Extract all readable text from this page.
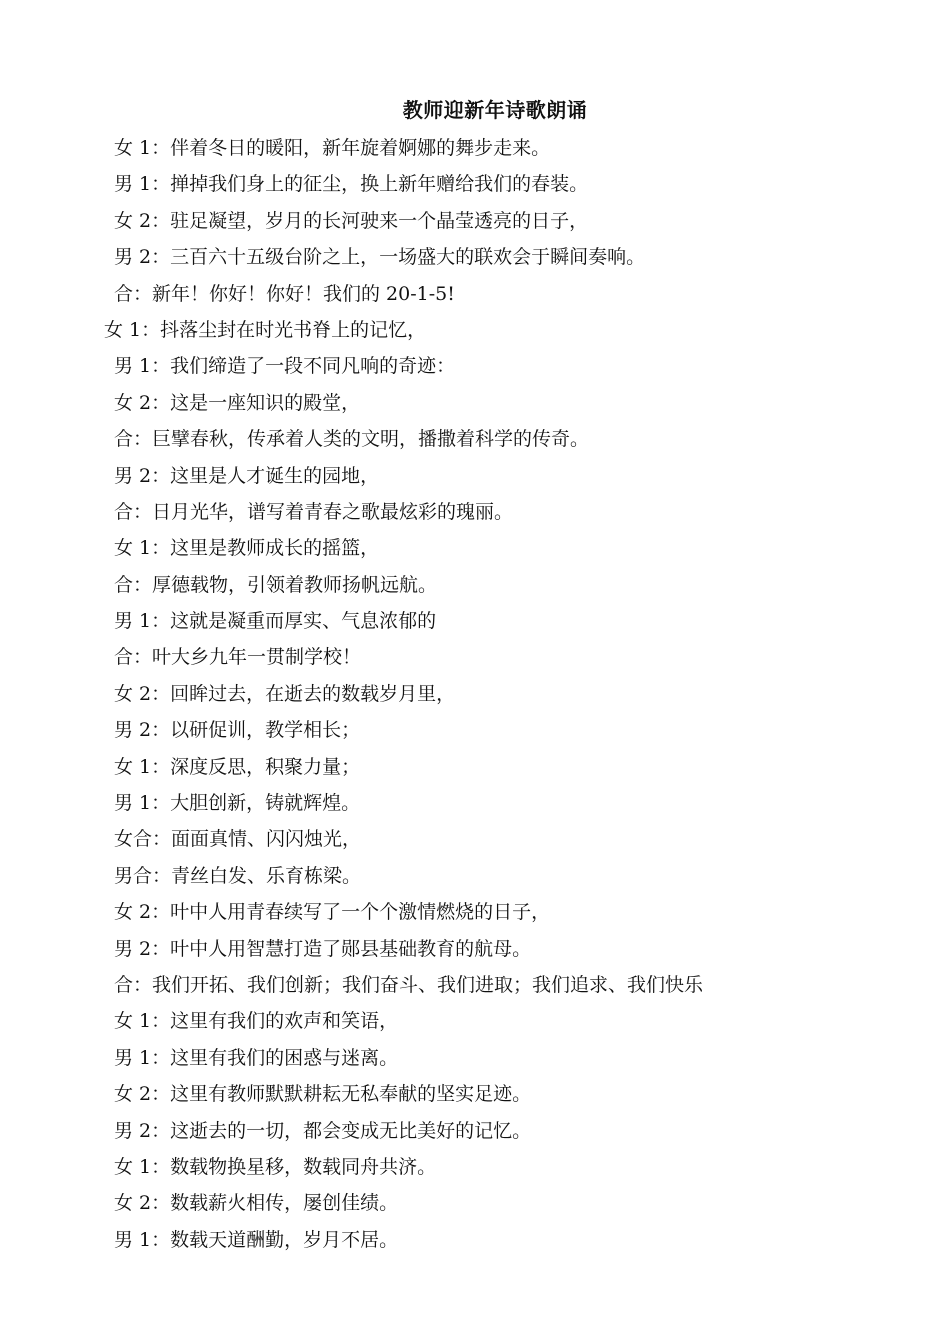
教师迎新年诗歌朗诵
女 1：伴着冬日的暖阳，新年旋着婀娜的舞步走来。
男 1：掸掉我们身上的征尘，换上新年赠给我们的春装。
女 2：驻足凝望，岁月的长河驶来一个晶莹透亮的日子，
男 2：三百六十五级台阶之上，一场盛大的联欢会于瞬间奏响。
合：新年！你好！你好！我们的 20-1-5!
女 1：抖落尘封在时光书脊上的记忆，
男 1：我们缔造了一段不同凡响的奇迹：
女 2：这是一座知识的殿堂，
合：巨擘春秋，传承着人类的文明，播撒着科学的传奇。
男 2：这里是人才诞生的园地，
合：日月光华，谱写着青春之歌最炫彩的瑰丽。
女 1：这里是教师成长的摇篮，
合：厚德载物，引领着教师扬帆远航。
男 1：这就是凝重而厚实、气息浓郁的
合：叶大乡九年一贯制学校！
女 2：回眸过去，在逝去的数载岁月里，
男 2：以研促训，教学相长；
女 1：深度反思，积聚力量；
男 1：大胆创新，铸就辉煌。
女合：面面真情、闪闪烛光，
男合：青丝白发、乐育栋梁。
女 2：叶中人用青春续写了一个个激情燃烧的日子，
男 2：叶中人用智慧打造了郧县基础教育的航母。
合：我们开拓、我们创新；我们奋斗、我们进取；我们追求、我们快乐
女 1：这里有我们的欢声和笑语，
男 1：这里有我们的困惑与迷离。
女 2：这里有教师默默耕耘无私奉献的坚实足迹。
男 2：这逝去的一切，都会变成无比美好的记忆。
女 1：数载物换星移，数载同舟共济。
女 2：数载薪火相传，屡创佳绩。
男 1：数载天道酬勤，岁月不居。
